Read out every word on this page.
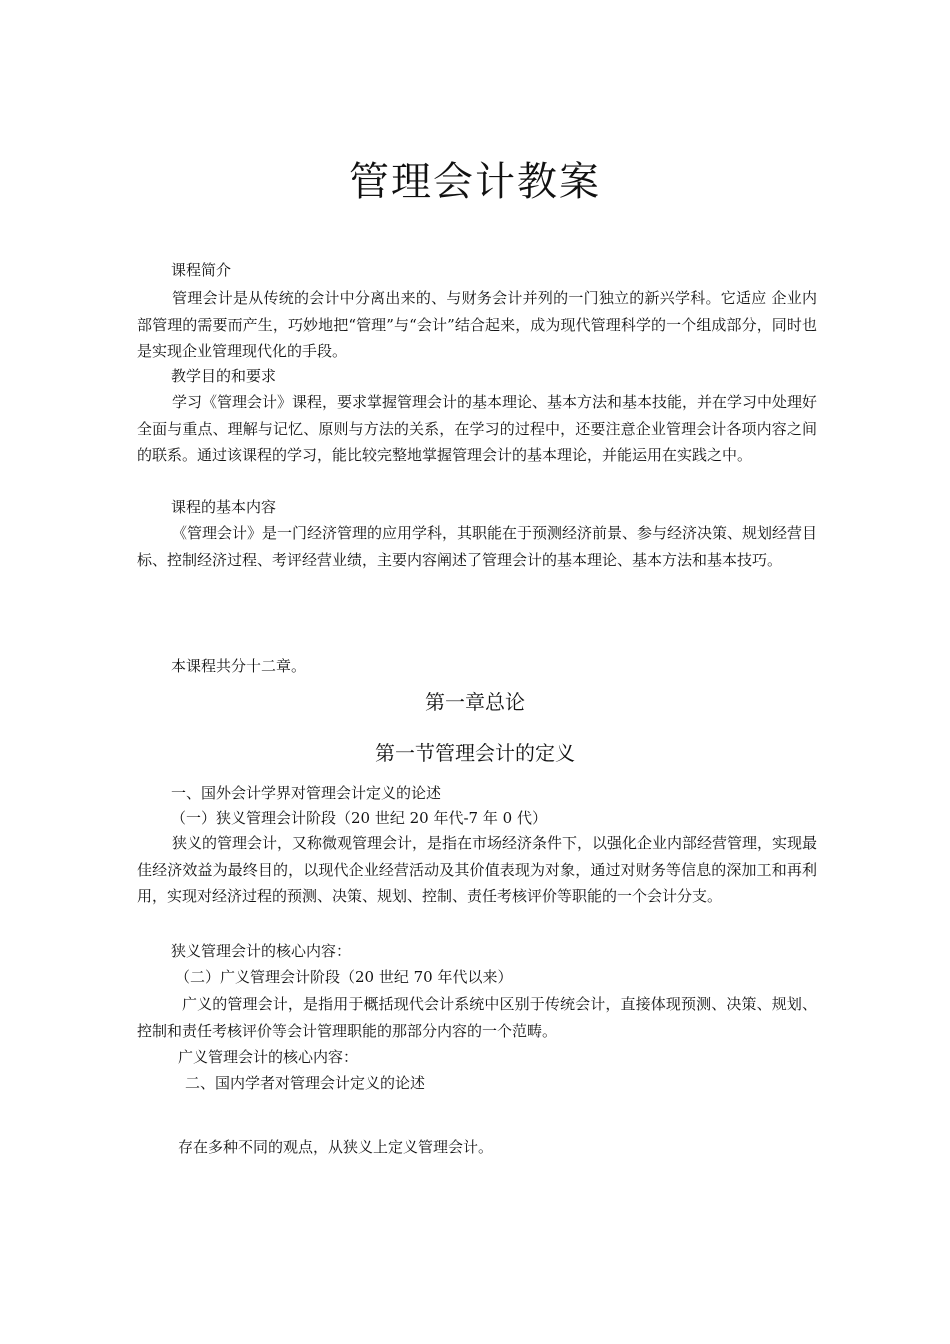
管理会计教案
课程简介
管理会计是从传统的会计中分离出来的、与财务会计并列的一门独立的新兴学科。它适应 企业内部管理的需要而产生，巧妙地把“管理”与“会计”结合起来，成为现代管理科学的一个组成部分，同时也是实现企业管理现代化的手段。
教学目的和要求
学习《管理会计》课程，要求掌握管理会计的基本理论、基本方法和基本技能，并在学习中处理好全面与重点、理解与记忆、原则与方法的关系，在学习的过程中，还要注意企业管理会计各项内容之间的联系。通过该课程的学习，能比较完整地掌握管理会计的基本理论，并能运用在实践之中。
课程的基本内容
《管理会计》是一门经济管理的应用学科，其职能在于预测经济前景、参与经济决策、规划经营目标、控制经济过程、考评经营业绩，主要内容阐述了管理会计的基本理论、基本方法和基本技巧。
本课程共分十二章。
第一章总论
第一节管理会计的定义
一、国外会计学界对管理会计定义的论述
（一）狭义管理会计阶段（20 世纪 20 年代-7 年 0 代）
狭义的管理会计，又称微观管理会计，是指在市场经济条件下，以强化企业内部经营管理，实现最佳经济效益为最终目的，以现代企业经营活动及其价值表现为对象，通过对财务等信息的深加工和再利用，实现对经济过程的预测、决策、规划、控制、责任考核评价等职能的一个会计分支。
狭义管理会计的核心内容：
（二）广义管理会计阶段（20 世纪 70 年代以来）
广义的管理会计，是指用于概括现代会计系统中区别于传统会计，直接体现预测、决策、规划、控制和责任考核评价等会计管理职能的那部分内容的一个范畴。
广义管理会计的核心内容：
二、国内学者对管理会计定义的论述
存在多种不同的观点，从狭义上定义管理会计。
